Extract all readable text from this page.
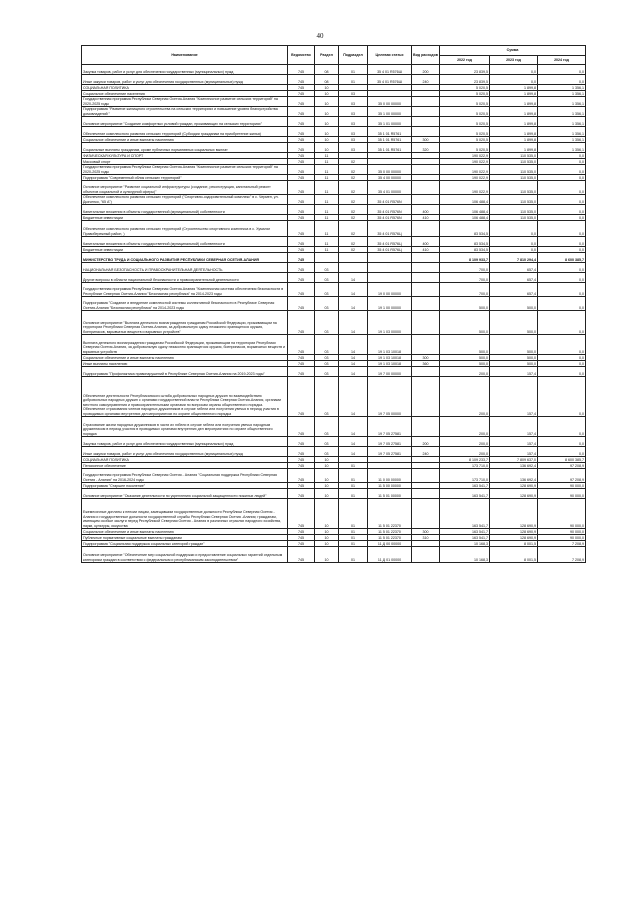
40
Наименование	Ведомство	Раздел	Подраздел	Целевая статья	Вид расходов	Сумма		
						2022 год	2023 год	2024 год
Закупка товаров, работ и услуг для обеспечения государственных (муниципальных) нужд	745	08	01	35 4 01 R576Ш	200	23 839,5	0,0	0,0
Иные закупки товаров, работ и услуг для обеспечения государственных (муниципальных) нужд	745	08	01	35 4 01 R576Ш	240	23 839,5	0,0	0,0
СОЦИАЛЬНАЯ ПОЛИТИКА	745	10				5 020,5	1 899,8	1 356,1
Социальное обеспечение населения	745	10	03			5 020,5	1 899,8	1 356,1
Государственная программа Республики Северная Осетия-Алания "Комплексное развитие сельских территорий" на 2020-2025 годы	745	10	03	35 0 00 00000		5 020,5	1 899,8	1 356,1
Подпрограмма "Развитие жилищного строительства на сельских территориях и повышение уровня благоустройства домовладений "	745	10	03	35 1 00 00000		5 020,5	1 899,8	1 356,1
Основное мероприятие "Создание комфортных условий граждан, проживающих на сельских территориях"	745	10	03	35 1 01 00000		5 020,5	1 899,8	1 356,1
Обеспечение комплексного развития сельских территорий (Субсидии гражданам на приобретение жилья)	745	10	03	35 1 01 R5761		5 020,5	1 899,8	1 356,1
Социальное обеспечение и иные выплаты населению	745	10	03	35 1 01 R5761	300	5 020,5	1 899,8	1 356,1
Социальные выплаты гражданам, кроме публичных нормативных социальных выплат	745	10	03	35 1 01 R5761	320	5 020,5	1 899,8	1 356,1
ФИЗИЧЕСКАЯ КУЛЬТУРА И СПОРТ	745	11				190 022,9	110 535,0	0,0
Массовый спорт	745	11	02			190 022,9	110 535,0	0,0
Государственная программа Республики Северная Осетия-Алания "Комплексное развитие сельских территорий" на 2020-2025 годы	745	11	02	35 0 00 00000		190 022,9	110 535,0	0,0
Подпрограмма "Современный облик сельских территорий"	745	11	02	35 4 00 00000		190 022,9	110 535,0	0,0
Основное мероприятие "Развитие социальной инфраструктуры (создание, реконструкция, капитальный ремонт объектов социальной и культурной сферы)"	745	11	02	35 4 01 00000		190 022,9	110 535,0	0,0
Обеспечение комплексного развития сельских территорий ("Спортивно-оздоровительный комплекс" в с. Чермен, ул. Дьяченко, "65 А")	745	11	02	35 4 01 R576N		106 488,4	110 535,0	0,0
Капитальные вложения в объекты государственной (муниципальной) собственности	745	11	02	35 4 01 R576N	400	106 488,4	110 535,0	0,0
Бюджетные инвестиции	745	11	02	35 4 01 R576N	410	106 488,4	110 535,0	0,0
Обеспечение комплексного развития сельских территорий (Строительство спортивного комплекса в с. Хумалаг Правобережный район, )	745	11	02	35 4 01 R576Ц		83 534,5	0,0	0,0
Капитальные вложения в объекты государственной (муниципальной) собственности	745	11	02	35 4 01 R576Ц	400	83 534,5	0,0	0,0
Бюджетные инвестиции	745	11	02	35 4 01 R576Ц	410	83 534,5	0,0	0,0
МИНИСТЕРСТВО ТРУДА И СОЦИАЛЬНОГО РАЗВИТИЯ РЕСПУБЛИКИ СЕВЕРНАЯ ОСЕТИЯ-АЛАНИЯ	745					8 109 933,7	7 810 294,4	8 600 385,7
НАЦИОНАЛЬНАЯ БЕЗОПАСНОСТЬ И ПРАВООХРАНИТЕЛЬНАЯ ДЕЯТЕЛЬНОСТЬ	745	03				700,0	657,4	0,0
Другие вопросы в области национальной безопасности и правоохранительной деятельности	745	03	14			700,0	657,4	0,0
Государственная программа Республики Северная Осетия-Алания "Комплексная система обеспечения безопасности в Республике Северная Осетия-Алания "Безопасная республика" на 2014-2023 годы	745	03	14	19 0 00 00000		700,0	657,4	0,0
Подпрограмма "Создание и внедрение комплексной системы коллективной безопасности в Республике Северная Осетия-Алания "Безопасная республика" на 2014-2023 годы	745	03	14	19 1 00 00000		500,0	500,0	0,0
Основное мероприятие "Выплата денежного вознаграждения гражданам Российской Федерации, проживающим на территории Республики Северная Осетия-Алания, за добровольную сдачу незаконно хранящегося оружия, боеприпасов, взрывчатых веществ и взрывных устройств"	745	03	14	19 1 03 00000		500,0	500,0	0,0
Выплата денежного вознаграждения гражданам Российской Федерации, проживающим на территории Республики Северная Осетия-Алания, за добровольную сдачу незаконно хранящегося оружия, боеприпасов, взрывчатых веществ и взрывных устройств	745	03	14	19 1 03 10018		500,0	500,0	0,0
Социальное обеспечение и иные выплаты населению	745	03	14	19 1 03 10018	300	500,0	500,0	0,0
Иные выплаты населению	745	03	14	19 1 03 10018	360	500,0	500,0	0,0
Подпрограмма "Профилактика правонарушений в Республике Северная Осетия-Алания на 2019-2023 годы"	745	03	14	19 7 00 00000		200,0	157,4	0,0
Обеспечение деятельности Республиканского штаба добровольных народных дружин по взаимодействию добровольных народных дружин с органами государственной власти Республики Северная Осетия-Алания, органами местного самоуправления и правоохранительными органами по вопросам охраны общественного порядка. Обеспечение страхования членов народных дружинников в случае гибели или получения увечья в период участия в проводимых органами внутренних дел мероприятиях по охране общественного порядка	745	03	14	19 7 05 00000		200,0	157,4	0,0
Страхование жизни народных дружинников в части их гибели в случае гибели или получения увечья народным дружинником в период участия в проводимых органами внутренних дел мероприятиях по охране общественного порядка	745	03	14	19 7 05 27581		200,0	157,4	0,0
Закупка товаров, работ и услуг для обеспечения государственных (муниципальных) нужд	745	03	14	19 7 05 27581	200	200,0	157,4	0,0
Иные закупки товаров, работ и услуг для обеспечения государственных (муниципальных) нужд	745	03	14	19 7 05 27581	240	200,0	157,4	0,0
СОЦИАЛЬНАЯ ПОЛИТИКА	745	10				8 109 233,7	7 809 637,0	8 600 385,7
Пенсионное обеспечение	745	10	01			173 710,0	136 692,4	97 208,9
Государственная программа Республики Северная Осетия - Алания "Социальная поддержка Республики Северная Осетия - Алания" на 2016-2024 годы	745	10	01	11 0 00 00000		173 710,0	136 692,4	97 208,9
Подпрограмма "Старшее поколение"	745	10	01	11 5 00 00000		163 541,7	128 690,9	90 000,0
Основное мероприятие "Оказание деятельности по укреплению социальной защищенности пожилых людей"	745	10	01	11 5 01 00000		163 541,7	128 690,9	90 000,0
Ежемесячные доплаты к пенсии лицам, замещавшим государственные должности Республики Северная Осетия - Алания и государственные должности государственной службы Республики Северная Осетия -Алания; гражданам, имеющим особые заслуги перед Республикой Северная Осетия - Алания в различных отраслях народного хозяйства, науки, культуры, искусства	745	10	01	11 5 01 22370		163 541,7	128 690,9	90 000,0
Социальное обеспечение и иные выплаты населению	745	10	01	11 5 01 22370	300	163 541,7	128 690,9	90 000,0
Публичные нормативные социальные выплаты гражданам	745	10	01	11 5 01 22370	310	163 541,7	128 690,9	90 000,0
Подпрограмма "Социальная поддержка социальных категорий граждан"	745	10	01	11 Д 00 00000		10 168,3	8 001,5	7 208,9
Основное мероприятие "Обеспечение мер социальной поддержки и предоставление социальных гарантий отдельным категориям граждан в соответствии с федеральным и республиканским законодательством"	745	10	01	11 Д 01 00000		10 168,3	8 001,5	7 208,9
